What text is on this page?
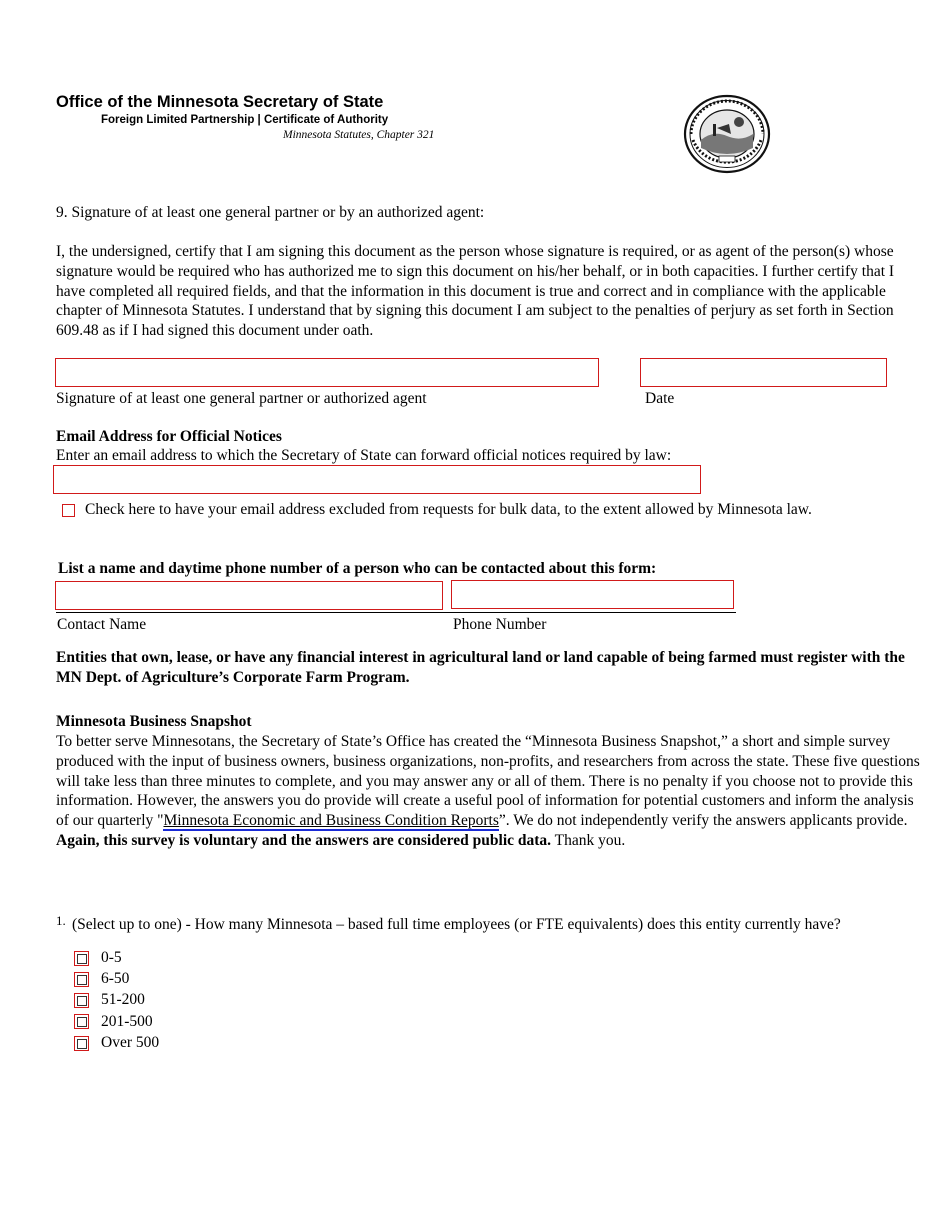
Office of the Minnesota Secretary of State
Foreign Limited Partnership | Certificate of Authority
Minnesota Statutes, Chapter 321
9. Signature of at least one general partner or by an authorized agent:
I, the undersigned, certify that I am signing this document as the person whose signature is required, or as agent of the person(s) whose signature would be required who has authorized me to sign this document on his/her behalf, or in both capacities. I further certify that I have completed all required fields, and that the information in this document is true and correct and in compliance with the applicable chapter of Minnesota Statutes. I understand that by signing this document I am subject to the penalties of perjury as set forth in Section 609.48 as if I had signed this document under oath.
Signature of at least one general partner or authorized agent	Date
Email Address for Official Notices
Enter an email address to which the Secretary of State can forward official notices required by law:
Check here to have your email address excluded from requests for bulk data, to the extent allowed by Minnesota law.
List a name and daytime phone number of a person who can be contacted about this form:
Contact Name	Phone Number
Entities that own, lease, or have any financial interest in agricultural land or land capable of being farmed must register with the MN Dept. of Agriculture’s Corporate Farm Program.
Minnesota Business Snapshot
To better serve Minnesotans, the Secretary of State’s Office has created the “Minnesota Business Snapshot,” a short and simple survey produced with the input of business owners, business organizations, non-profits, and researchers from across the state. These five questions will take less than three minutes to complete, and you may answer any or all of them. There is no penalty if you choose not to provide this information. However, the answers you do provide will create a useful pool of information for potential customers and inform the analysis of our quarterly "Minnesota Economic and Business Condition Reports”. We do not independently verify the answers applicants provide. Again, this survey is voluntary and the answers are considered public data. Thank you.
1. (Select up to one) - How many Minnesota – based full time employees (or FTE equivalents) does this entity currently have?
0-5
6-50
51-200
201-500
Over 500
